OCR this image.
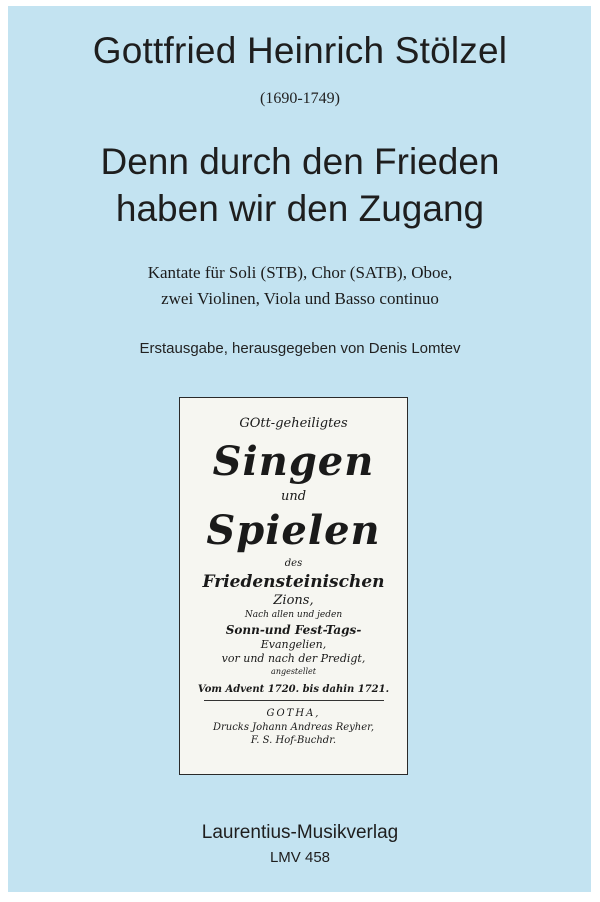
Gottfried Heinrich Stölzel
(1690-1749)
Denn durch den Frieden
haben wir den Zugang
Kantate für Soli (STB), Chor (SATB), Oboe,
zwei Violinen, Viola und Basso continuo
Erstausgabe, herausgegeben von Denis Lomtev
GOtt-geheiligtes
Singen
und
Spielen
des
Friedensteinischen
Zions,
Nach allen und jeden
Sonn-und Fest-Tags-
Evangelien,
vor und nach der Predigt,
angestellet
Vom Advent 1720. bis dahin 1721.
GOTHA,
Drucks Johann Andreas Reyher,
F. S. Hof-Buchdr.
Laurentius-Musikverlag
LMV 458
